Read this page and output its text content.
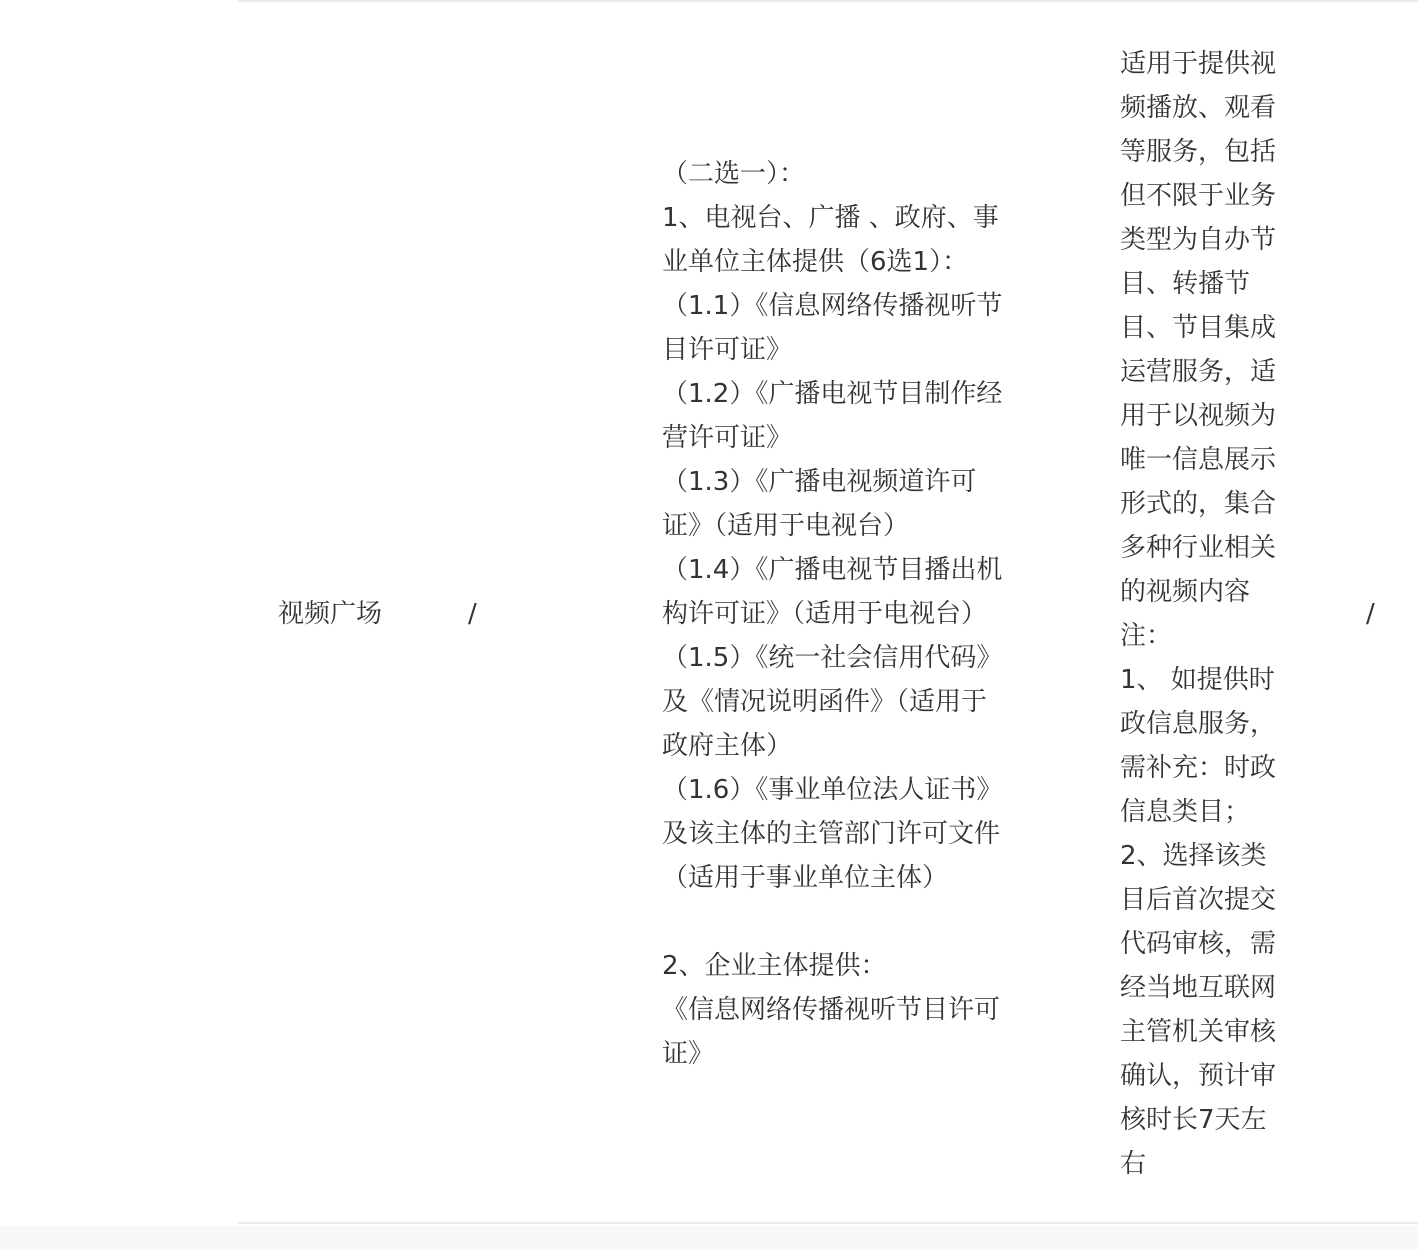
视频广场	/
（二选一）：
1、电视台、广播 、政府、事
业单位主体提供（6选1）：
（1.1）《信息网络传播视听节
目许可证》
（1.2）《广播电视节目制作经
营许可证》
（1.3）《广播电视频道许可
证》（适用于电视台）
（1.4）《广播电视节目播出机
构许可证》（适用于电视台）
（1.5）《统一社会信用代码》
及《情况说明函件》（适用于
政府主体）
（1.6）《事业单位法人证书》
及该主体的主管部门许可文件
（适用于事业单位主体）
2、企业主体提供：
《信息网络传播视听节目许可
证》
适用于提供视
频播放、观看
等服务，包括
但不限于业务
类型为自办节
目、转播节
目、节目集成
运营服务，适
用于以视频为
唯一信息展示
形式的，集合
多种行业相关
的视频内容
注：
1、 如提供时
政信息服务，
需补充：时政
信息类目；
2、选择该类
目后首次提交
代码审核，需
经当地互联网
主管机关审核
确认，预计审
核时长7天左
右
/
